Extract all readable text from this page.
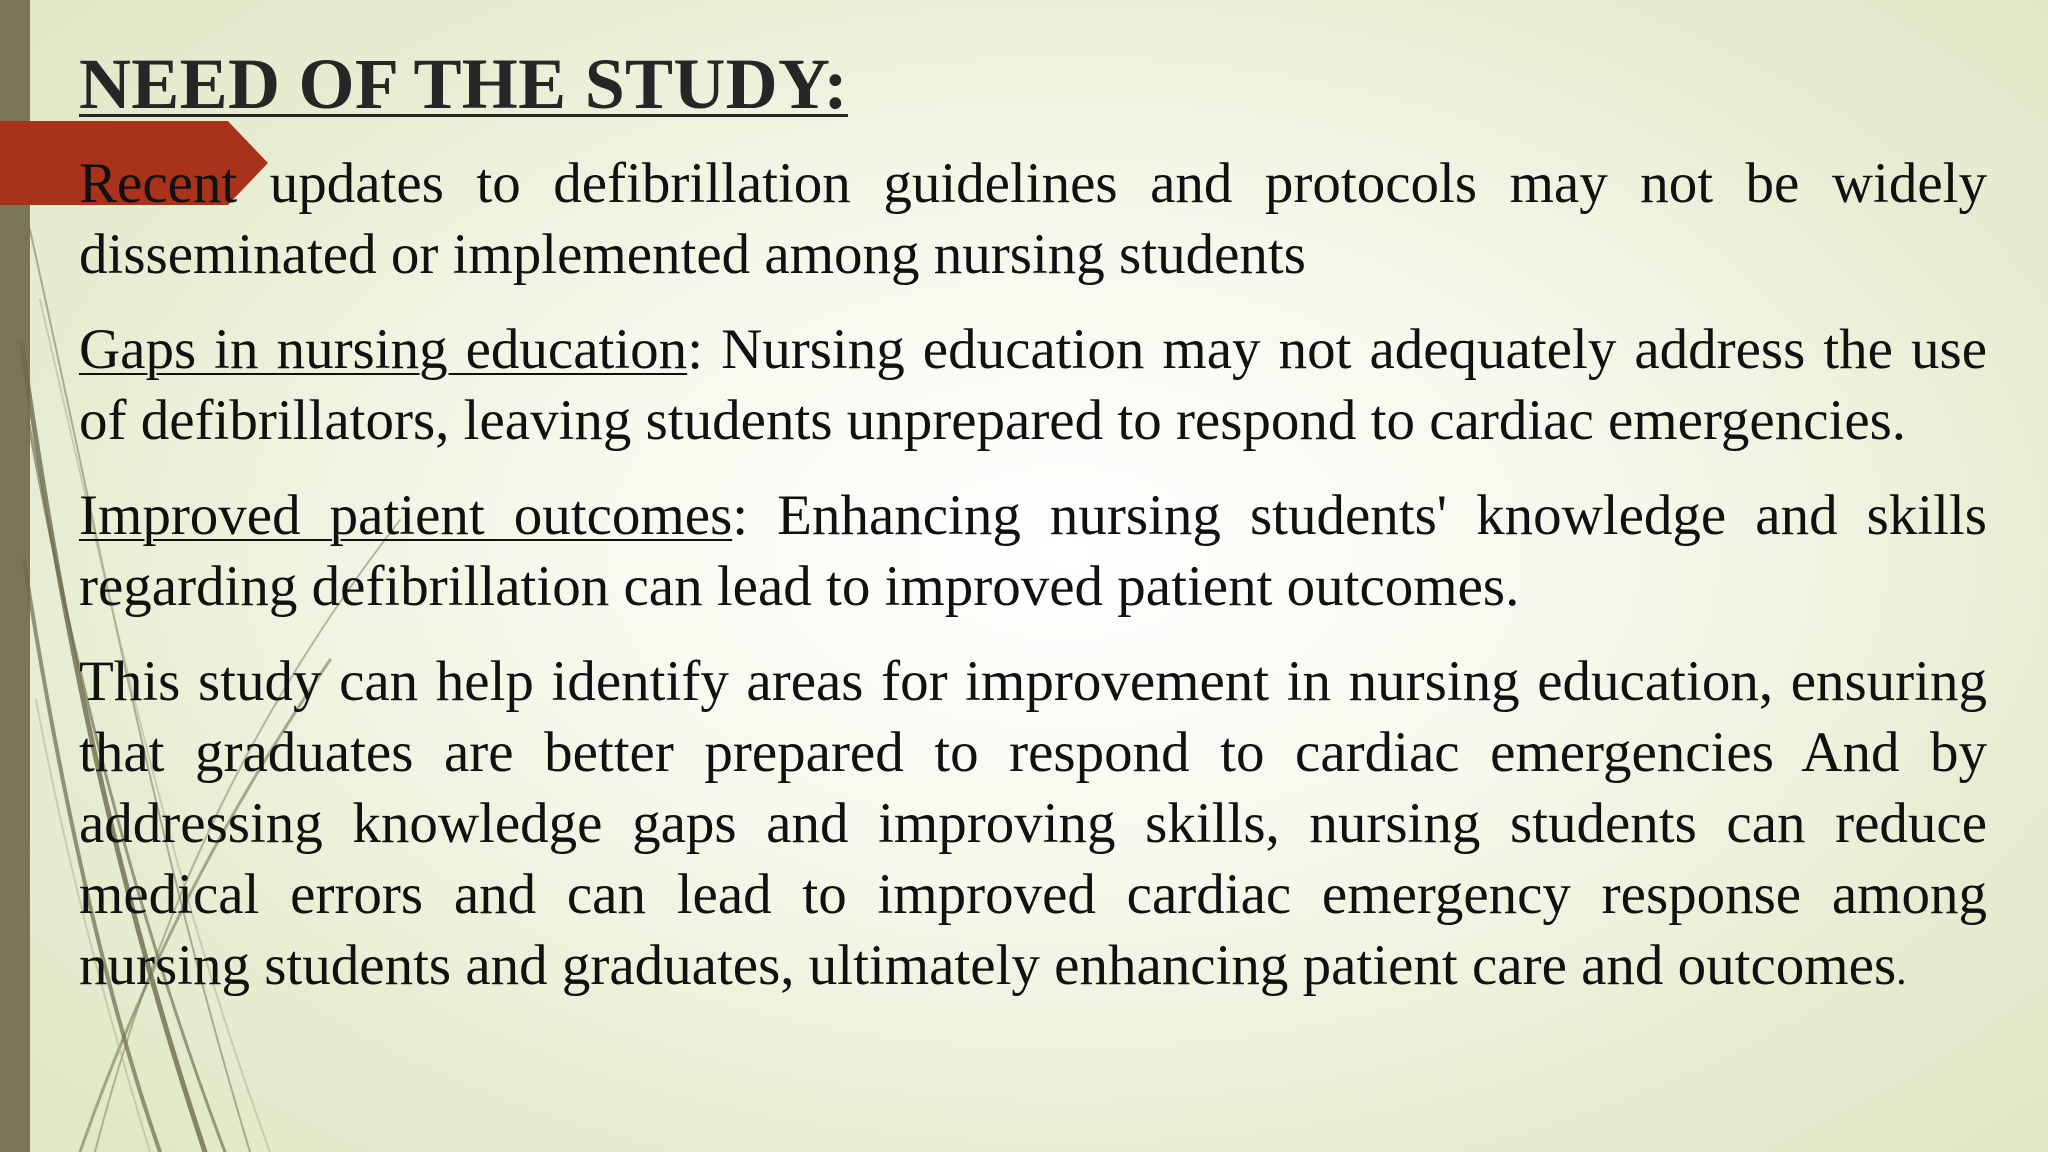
NEED OF THE STUDY:

Recent updates to defibrillation guidelines and protocols may not be widely disseminated or implemented among nursing students

Gaps in nursing education: Nursing education may not adequately address the use of defibrillators, leaving students unprepared to respond to cardiac emergencies.

Improved patient outcomes: Enhancing nursing students' knowledge and skills regarding defibrillation can lead to improved patient outcomes.

This study can help identify areas for improvement in nursing education, ensuring that graduates are better prepared to respond to cardiac emergencies And by addressing knowledge gaps and improving skills, nursing students can reduce medical errors and can lead to improved cardiac emergency response among nursing students and graduates, ultimately enhancing patient care and outcomes.
